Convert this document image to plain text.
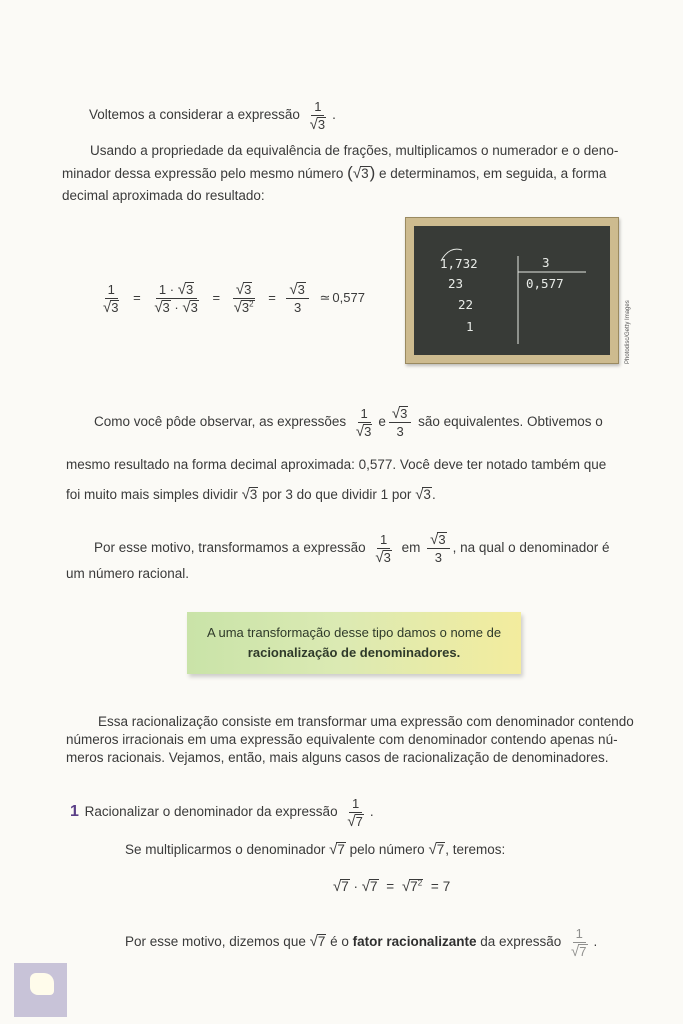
Voltemos a considerar a expressão $\frac{1}{√ 3}$ .
Usando a propriedade da equivalência de frações, multiplicamos o numerador e o deno-
minador dessa expressão pelo mesmo número ( √ 3 ) e determinamos, em seguida, a forma
decimal aproximada do resultado:
$\frac{1}{√ 3} = \frac{1 \cdot √ 3}{√ 3 \cdot √ 3} = \frac{√ 3}{√ 3^2} = \frac{√ 3}{3}$ ≃ 0,577
1,732	3
0,577
23
22
1	Photodisc/Getty Images
Como você pôde observar, as expressões $\frac{1}{√ 3}$ e $\frac{√ 3}{3}$ são equivalentes. Obtivemos o
mesmo resultado na forma decimal aproximada: 0,577. Você deve ter notado também que
foi muito mais simples dividir √ 3 por 3 do que dividir 1 por √ 3 .
Por esse motivo, transformamos a expressão $\frac{1}{√ 3}$ em $\frac{√ 3}{3}$ , na qual o denominador é
um número racional.
A uma transformação desse tipo damos o nome de
racionalização de denominadores.
Essa racionalização consiste em transformar uma expressão com denominador contendo
números irracionais em uma expressão equivalente com denominador contendo apenas nú-
meros racionais. Vejamos, então, mais alguns casos de racionalização de denominadores.
1 Racionalizar o denominador da expressão $\frac{1}{√ 7}$ .
Se multiplicarmos o denominador √ 7 pelo número √ 7 , teremos:
√ 7 · √ 7 = √ $7^2 = 7$
Por esse motivo, dizemos que √ 7 é o fator racionalizante da expressão $\frac{1}{√ 7}$ .
